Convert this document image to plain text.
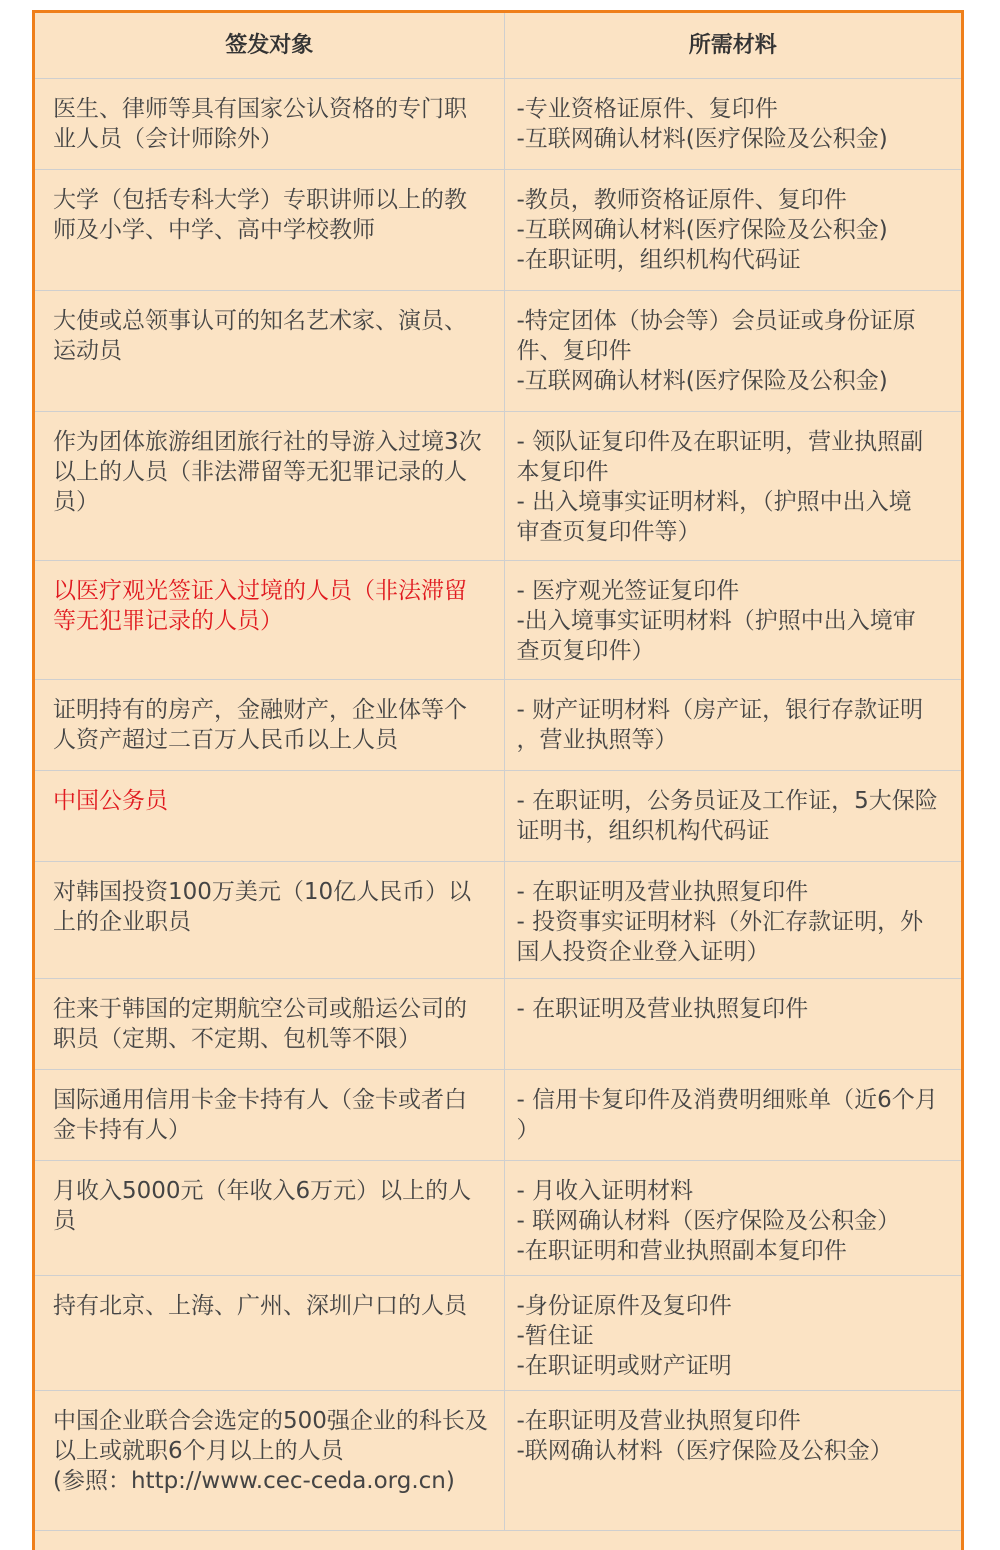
签发对象	所需材料

医生、律师等具有国家公认资格的专门职
业人员（会计师除外）	-专业资格证原件、复印件
-互联网确认材料(医疗保险及公积金)

大学（包括专科大学）专职讲师以上的教
师及小学、中学、高中学校教师	-教员，教师资格证原件、复印件
-互联网确认材料(医疗保险及公积金)
-在职证明，组织机构代码证

大使或总领事认可的知名艺术家、演员、
运动员	-特定团体（协会等）会员证或身份证原
件、复印件
-互联网确认材料(医疗保险及公积金)

作为团体旅游组团旅行社的导游入过境3次
以上的人员（非法滞留等无犯罪记录的人
员）	- 领队证复印件及在职证明，营业执照副
本复印件
- 出入境事实证明材料，（护照中出入境
审查页复印件等）

以医疗观光签证入过境的人员（非法滞留
等无犯罪记录的人员）	- 医疗观光签证复印件
-出入境事实证明材料（护照中出入境审
查页复印件）

证明持有的房产，金融财产，企业体等个
人资产超过二百万人民币以上人员	- 财产证明材料（房产证，银行存款证明
，营业执照等）

中国公务员	- 在职证明，公务员证及工作证，5大保险
证明书，组织机构代码证

对韩国投资100万美元（10亿人民币）以
上的企业职员	- 在职证明及营业执照复印件
- 投资事实证明材料（外汇存款证明，外
国人投资企业登入证明）

往来于韩国的定期航空公司或船运公司的
职员（定期、不定期、包机等不限）	- 在职证明及营业执照复印件

国际通用信用卡金卡持有人（金卡或者白
金卡持有人）	- 信用卡复印件及消费明细账单（近6个月
）

月收入5000元（年收入6万元）以上的人
员	- 月收入证明材料
- 联网确认材料（医疗保险及公积金）
-在职证明和营业执照副本复印件

持有北京、上海、广州、深圳户口的人员	-身份证原件及复印件
-暂住证
-在职证明或财产证明

中国企业联合会选定的500强企业的科长及
以上或就职6个月以上的人员
(参照：http://www.cec-ceda.org.cn)	-在职证明及营业执照复印件
-联网确认材料（医疗保险及公积金）
